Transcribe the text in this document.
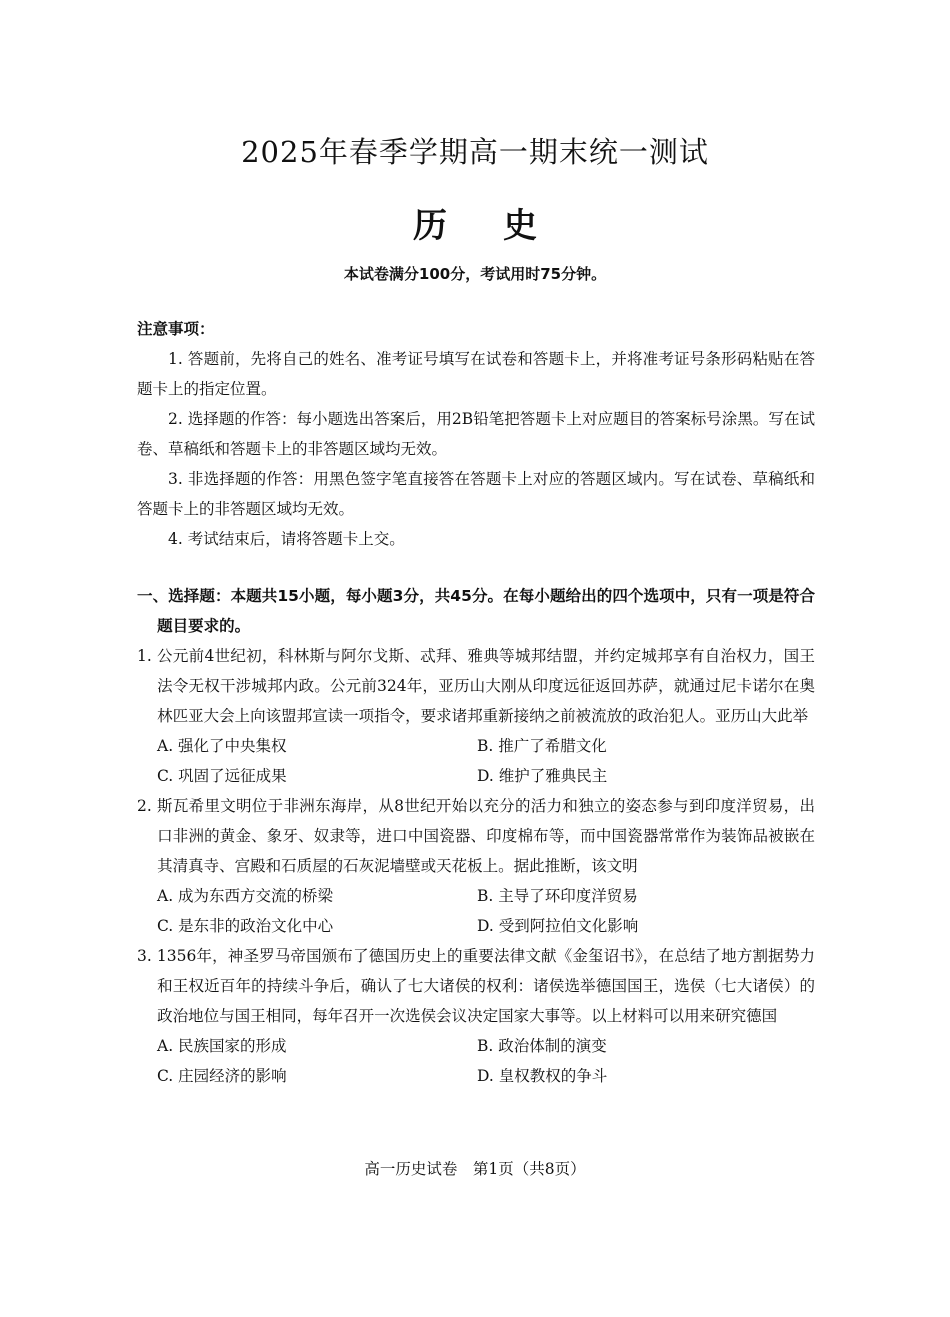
2025年春季学期高一期末统一测试
历 史
本试卷满分100分，考试用时75分钟。
注意事项：
1. 答题前，先将自己的姓名、准考证号填写在试卷和答题卡上，并将准考证号条形码粘贴在答题卡上的指定位置。
2. 选择题的作答：每小题选出答案后，用2B铅笔把答题卡上对应题目的答案标号涂黑。写在试卷、草稿纸和答题卡上的非答题区域均无效。
3. 非选择题的作答：用黑色签字笔直接答在答题卡上对应的答题区域内。写在试卷、草稿纸和答题卡上的非答题区域均无效。
4. 考试结束后，请将答题卡上交。
一、选择题：本题共15小题，每小题3分，共45分。在每小题给出的四个选项中，只有一项是符合题目要求的。
1. 公元前4世纪初，科林斯与阿尔戈斯、忒拜、雅典等城邦结盟，并约定城邦享有自治权力，国王法令无权干涉城邦内政。公元前324年，亚历山大刚从印度远征返回苏萨，就通过尼卡诺尔在奥林匹亚大会上向该盟邦宣读一项指令，要求诸邦重新接纳之前被流放的政治犯人。亚历山大此举
A. 强化了中央集权	B. 推广了希腊文化
C. 巩固了远征成果	D. 维护了雅典民主
2. 斯瓦希里文明位于非洲东海岸，从8世纪开始以充分的活力和独立的姿态参与到印度洋贸易，出口非洲的黄金、象牙、奴隶等，进口中国瓷器、印度棉布等，而中国瓷器常常作为装饰品被嵌在其清真寺、宫殿和石质屋的石灰泥墙壁或天花板上。据此推断，该文明
A. 成为东西方交流的桥梁	B. 主导了环印度洋贸易
C. 是东非的政治文化中心	D. 受到阿拉伯文化影响
3. 1356年，神圣罗马帝国颁布了德国历史上的重要法律文献《金玺诏书》，在总结了地方割据势力和王权近百年的持续斗争后，确认了七大诸侯的权利：诸侯选举德国国王，选侯（七大诸侯）的政治地位与国王相同，每年召开一次选侯会议决定国家大事等。以上材料可以用来研究德国
A. 民族国家的形成	B. 政治体制的演变
C. 庄园经济的影响	D. 皇权教权的争斗
高一历史试卷　第1页（共8页）
